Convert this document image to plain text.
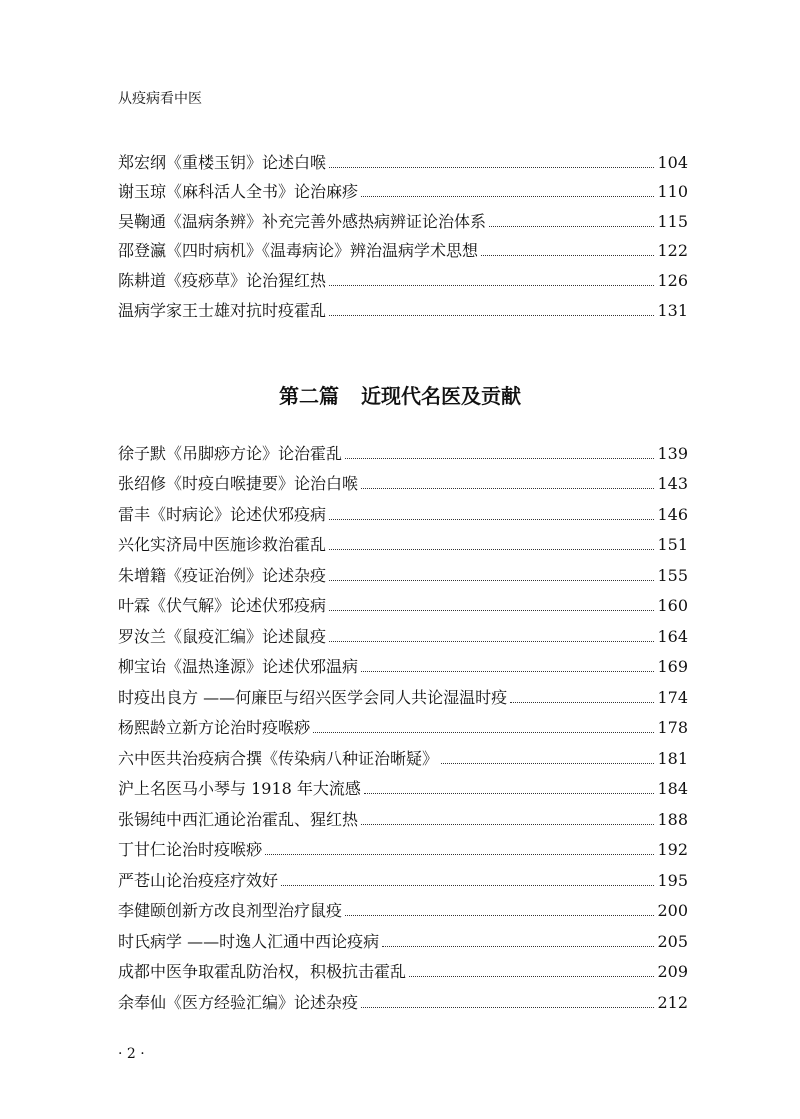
从疫病看中医
郑宏纲《重楼玉钥》论述白喉	104
谢玉琼《麻科活人全书》论治麻疹	110
吴鞠通《温病条辨》补充完善外感热病辨证论治体系	115
邵登瀛《四时病机》《温毒病论》辨治温病学术思想	122
陈耕道《疫痧草》论治猩红热	126
温病学家王士雄对抗时疫霍乱	131
第二篇 近现代名医及贡献
徐子默《吊脚痧方论》论治霍乱	139
张绍修《时疫白喉捷要》论治白喉	143
雷丰《时病论》论述伏邪疫病	146
兴化实济局中医施诊救治霍乱	151
朱增籍《疫证治例》论述杂疫	155
叶霖《伏气解》论述伏邪疫病	160
罗汝兰《鼠疫汇编》论述鼠疫	164
柳宝诒《温热逢源》论述伏邪温病	169
时疫出良方 ——何廉臣与绍兴医学会同人共论湿温时疫	174
杨熙龄立新方论治时疫喉痧	178
六中医共治疫病合撰《传染病八种证治晰疑》	181
沪上名医马小琴与 1918 年大流感	184
张锡纯中西汇通论治霍乱、猩红热	188
丁甘仁论治时疫喉痧	192
严苍山论治疫痉疗效好	195
李健颐创新方改良剂型治疗鼠疫	200
时氏病学 ——时逸人汇通中西论疫病	205
成都中医争取霍乱防治权，积极抗击霍乱	209
余奉仙《医方经验汇编》论述杂疫	212
· 2 ·
